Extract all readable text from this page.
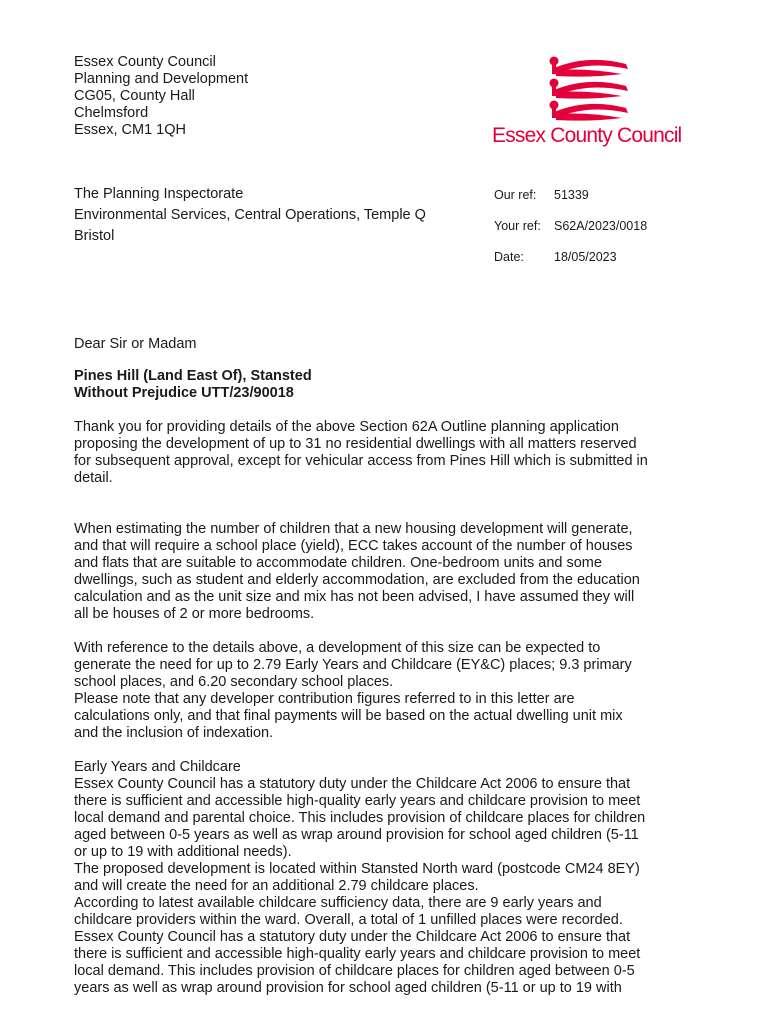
Essex County Council
Planning and Development
CG05, County Hall
Chelmsford
Essex, CM1 1QH	Essex County Council
The Planning Inspectorate
Environmental Services, Central Operations, Temple Q
Bristol
Our ref: 51339
Your ref: S62A/2023/0018
Date: 18/05/2023
Dear Sir or Madam
Pines Hill (Land East Of), Stansted
Without Prejudice UTT/23/90018

Thank you for providing details of the above Section 62A Outline planning application
proposing the development of up to 31 no residential dwellings with all matters reserved
for subsequent approval, except for vehicular access from Pines Hill which is submitted in
detail.

When estimating the number of children that a new housing development will generate,
and that will require a school place (yield), ECC takes account of the number of houses
and flats that are suitable to accommodate children. One-bedroom units and some
dwellings, such as student and elderly accommodation, are excluded from the education
calculation and as the unit size and mix has not been advised, I have assumed they will
all be houses of 2 or more bedrooms.
With reference to the details above, a development of this size can be expected to
generate the need for up to 2.79 Early Years and Childcare (EY&C) places; 9.3 primary
school places, and 6.20 secondary school places.
Please note that any developer contribution figures referred to in this letter are
calculations only, and that final payments will be based on the actual dwelling unit mix
and the inclusion of indexation.
Early Years and Childcare
Essex County Council has a statutory duty under the Childcare Act 2006 to ensure that
there is sufficient and accessible high-quality early years and childcare provision to meet
local demand and parental choice. This includes provision of childcare places for children
aged between 0-5 years as well as wrap around provision for school aged children (5-11
or up to 19 with additional needs).
The proposed development is located within Stansted North ward (postcode CM24 8EY)
and will create the need for an additional 2.79 childcare places.
According to latest available childcare sufficiency data, there are 9 early years and
childcare providers within the ward. Overall, a total of 1 unfilled places were recorded.
Essex County Council has a statutory duty under the Childcare Act 2006 to ensure that
there is sufficient and accessible high-quality early years and childcare provision to meet
local demand. This includes provision of childcare places for children aged between 0-5
years as well as wrap around provision for school aged children (5-11 or up to 19 with
